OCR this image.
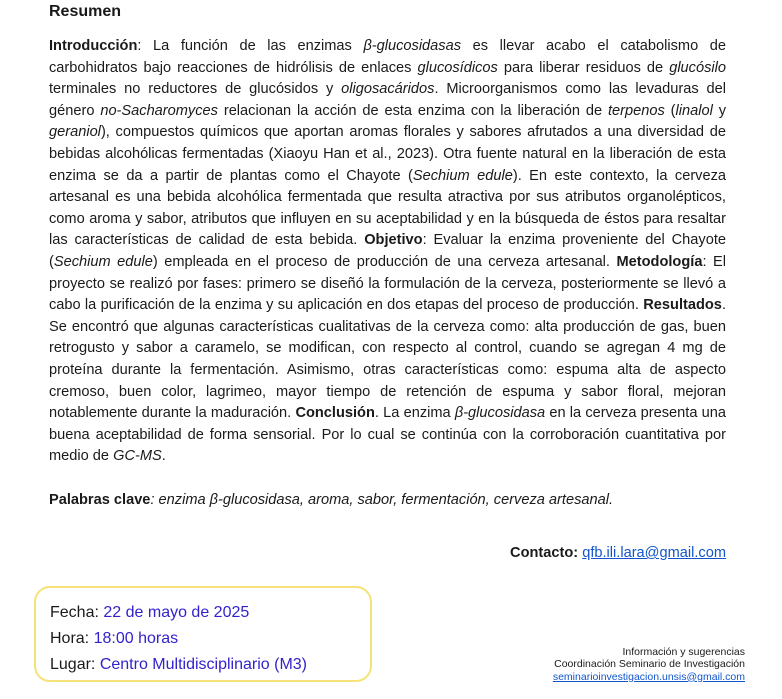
Resumen

Introducción: La función de las enzimas β-glucosidasas es llevar acabo el catabolismo de carbohidratos bajo reacciones de hidrólisis de enlaces glucosídicos para liberar residuos de glucósilo terminales no reductores de glucósidos y oligosacáridos. Microorganismos como las levaduras del género no-Sacharomyces relacionan la acción de esta enzima con la liberación de terpenos (linalol y geraniol), compuestos químicos que aportan aromas florales y sabores afrutados a una diversidad de bebidas alcohólicas fermentadas (Xiaoyu Han et al., 2023). Otra fuente natural en la liberación de esta enzima se da a partir de plantas como el Chayote (Sechium edule). En este contexto, la cerveza artesanal es una bebida alcohólica fermentada que resulta atractiva por sus atributos organolépticos, como aroma y sabor, atributos que influyen en su aceptabilidad y en la búsqueda de éstos para resaltar las características de calidad de esta bebida. Objetivo: Evaluar la enzima proveniente del Chayote (Sechium edule) empleada en el proceso de producción de una cerveza artesanal. Metodología: El proyecto se realizó por fases: primero se diseñó la formulación de la cerveza, posteriormente se llevó a cabo la purificación de la enzima y su aplicación en dos etapas del proceso de producción. Resultados. Se encontró que algunas características cualitativas de la cerveza como: alta producción de gas, buen retrogusto y sabor a caramelo, se modifican, con respecto al control, cuando se agregan 4 mg de proteína durante la fermentación. Asimismo, otras características como: espuma alta de aspecto cremoso, buen color, lagrimeo, mayor tiempo de retención de espuma y sabor floral, mejoran notablemente durante la maduración. Conclusión. La enzima β-glucosidasa en la cerveza presenta una buena aceptabilidad de forma sensorial. Por lo cual se continúa con la corroboración cuantitativa por medio de GC-MS.

Palabras clave: enzima β-glucosidasa, aroma, sabor, fermentación, cerveza artesanal.

Contacto: qfb.ili.lara@gmail.com
Fecha: 22 de mayo de 2025
Hora: 18:00 horas
Lugar: Centro Multidisciplinario (M3)
Información y sugerencias
Coordinación Seminario de Investigación
seminarioinvestigacion.unsis@gmail.com
